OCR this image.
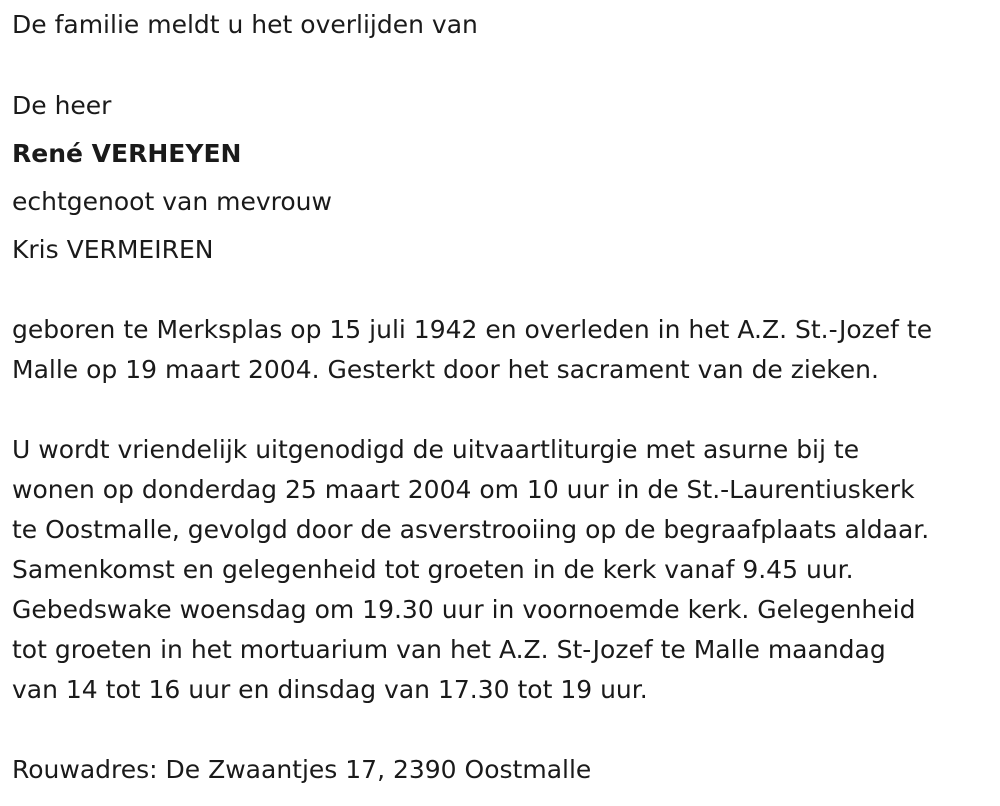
De familie meldt u het overlijden van
De heer
René VERHEYEN
echtgenoot van mevrouw
Kris VERMEIREN
geboren te Merksplas op 15 juli 1942 en overleden in het A.Z. St.-Jozef te
Malle op 19 maart 2004. Gesterkt door het sacrament van de zieken.
U wordt vriendelijk uitgenodigd de uitvaartliturgie met asurne bij te
wonen op donderdag 25 maart 2004 om 10 uur in de St.-Laurentiuskerk
te Oostmalle, gevolgd door de asverstrooiing op de begraafplaats aldaar.
Samenkomst en gelegenheid tot groeten in de kerk vanaf 9.45 uur.
Gebedswake woensdag om 19.30 uur in voornoemde kerk. Gelegenheid
tot groeten in het mortuarium van het A.Z. St-Jozef te Malle maandag
van 14 tot 16 uur en dinsdag van 17.30 tot 19 uur.
Rouwadres: De Zwaantjes 17, 2390 Oostmalle
